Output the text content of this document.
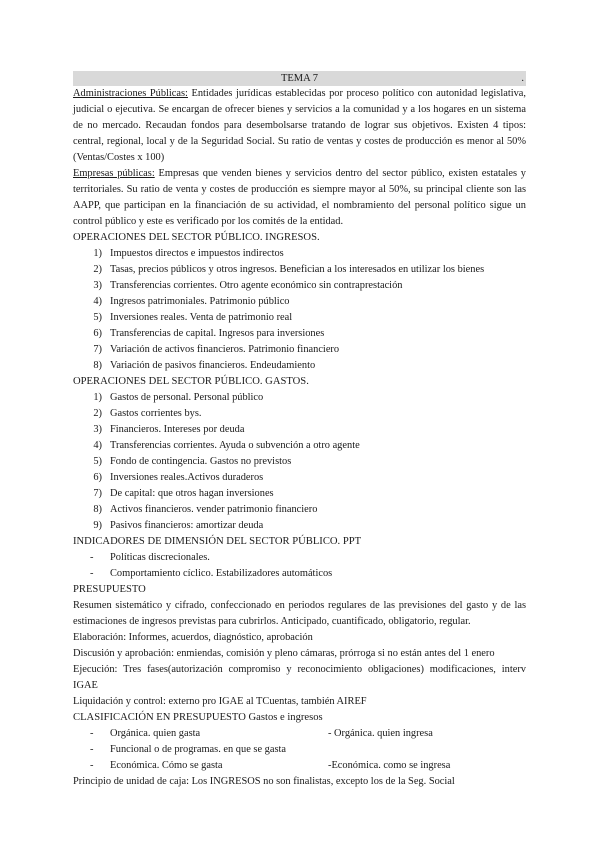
TEMA 7	.

Administraciones Públicas: Entidades jurídicas establecidas por proceso político con autonidad legislativa, judicial o ejecutiva. Se encargan de ofrecer bienes y servicios a la comunidad y a los hogares en un sistema de no mercado. Recaudan fondos para desembolsarse tratando de lograr sus objetivos. Existen 4 tipos: central, regional, local y de la Seguridad Social. Su ratio de ventas y costes de producción es menor al 50%(Ventas/Costes x 100)

Empresas públicas: Empresas que venden bienes y servicios dentro del sector público, existen estatales y territoriales. Su ratio de venta y costes de producción es siempre mayor al 50%, su principal cliente son las AAPP, que participan en la financiación de su actividad, el nombramiento del personal político sigue un control público y este es verificado por los comités de la entidad.

OPERACIONES DEL SECTOR PÚBLICO. INGRESOS.
1) Impuestos directos e impuestos indirectos
2) Tasas, precios públicos y otros ingresos. Benefician a los interesados en utilizar los bienes
3) Transferencias corrientes. Otro agente económico sin contraprestación
4) Ingresos patrimoniales. Patrimonio público
5) Inversiones reales. Venta de patrimonio real
6) Transferencias de capital. Ingresos para inversiones
7) Variación de activos financieros. Patrimonio financiero
8) Variación de pasivos financieros. Endeudamiento
OPERACIONES DEL SECTOR PÚBLICO. GASTOS.
1) Gastos de personal. Personal público
2) Gastos corrientes bys.
3) Financieros. Intereses por deuda
4) Transferencias corrientes. Ayuda o subvención a otro agente
5) Fondo de contingencia. Gastos no previstos
6) Inversiones reales.Activos duraderos
7) De capital: que otros hagan inversiones
8) Activos financieros. vender patrimonio financiero
9) Pasivos financieros: amortizar deuda
INDICADORES DE DIMENSIÓN DEL SECTOR PÚBLICO. PPT
- Políticas discrecionales.
- Comportamiento cíclico. Estabilizadores automáticos
PRESUPUESTO

Resumen sistemático y cifrado, confeccionado en periodos regulares de las previsiones del gasto y de las estimaciones de ingresos previstas para cubrirlos. Anticipado, cuantificado, obligatorio, regular.

Elaboración: Informes, acuerdos, diagnóstico, aprobación

Discusión y aprobación: enmiendas, comisión y pleno cámaras, prórroga si no están antes del 1 enero

Ejecución: Tres fases(autorización compromiso y reconocimiento obligaciones) modificaciones, interv IGAE

Liquidación y control: externo pro IGAE al TCuentas, también AIREF

CLASIFICACIÓN EN PRESUPUESTO Gastos e ingresos
- Orgánica. quien gasta	- Orgánica. quien ingresa
- Funcional o de programas. en que se gasta
- Económica. Cómo se gasta	-Económica. como se ingresa

Principio de unidad de caja: Los INGRESOS no son finalistas, excepto los de la Seg. Social
